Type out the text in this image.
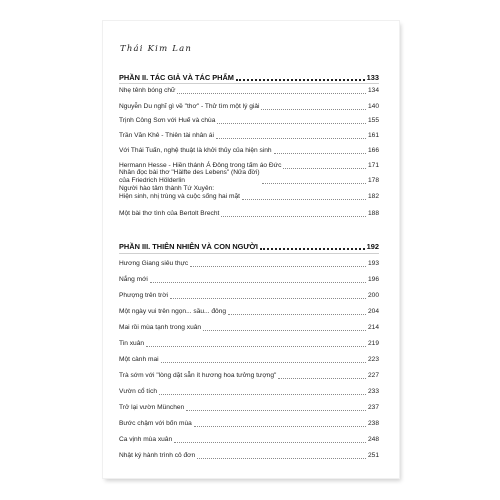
Thái Kim Lan
PHẦN II. TÁC GIẢ VÀ TÁC PHẨM	133
Nhẹ tênh bóng chữ	134
Nguyễn Du nghĩ gì về "thơ" - Thử tìm một lý giải	140
Trịnh Công Sơn với Huế và chùa	155
Trần Văn Khê - Thiên tài nhân ái	161
Với Thái Tuấn, nghệ thuật là khởi thủy của hiện sinh	166
Hermann Hesse - Hiền thánh Á Đông trong tấm áo Đức	171
Nhân đọc bài thơ "Hälfte des Lebens" (Nửa đời)
của Friedrich Hölderlin	178
Người hào tâm thành Tứ Xuyên:
Hiện sinh, nhị trùng và cuộc sống hai mặt	182
Một bài thơ tình của Bertolt Brecht	188
PHẦN III. THIÊN NHIÊN VÀ CON NGƯỜI	192
Hương Giang siêu thực	193
Nắng mới	196
Phượng trên trời	200
Một ngày vui trên ngọn... sầu... đông	204
Mai rồi mùa tạnh trong xuân	214
Tin xuân	219
Một cành mai	223
Trà sớm với "lòng dặt sẵn ít hương hoa tưởng tượng"	227
Vườn cổ tích	233
Trở lại vườn München	237
Bước chậm với bốn mùa	238
Ca vịnh mùa xuân	248
Nhật ký hành trình cô đơn	251
